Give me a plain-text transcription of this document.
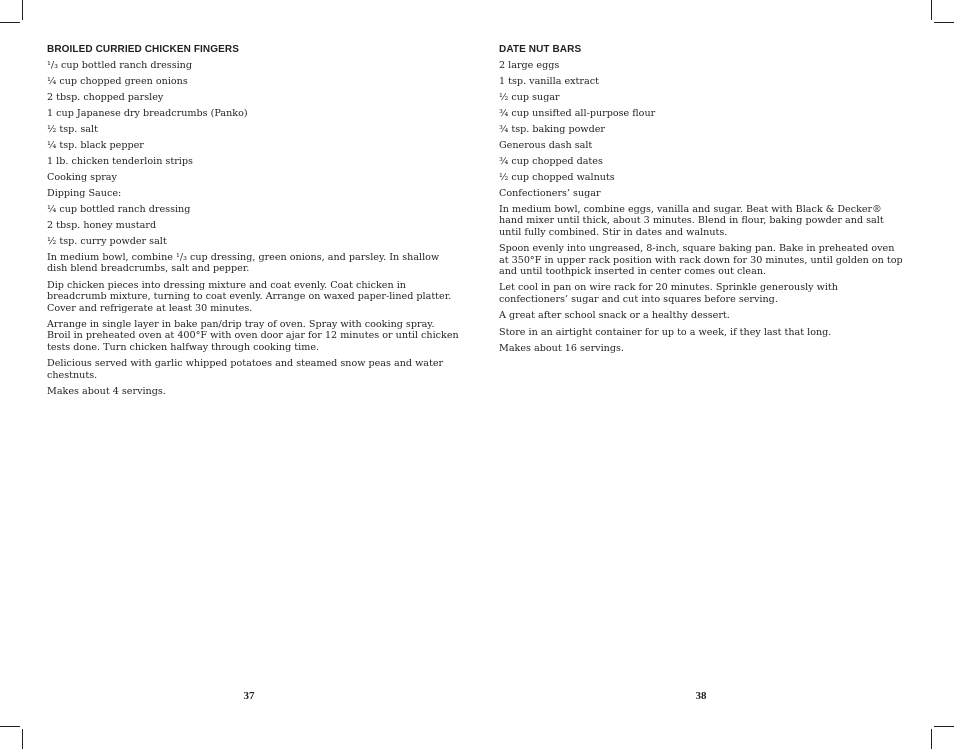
BROILED CURRIED CHICKEN FINGERS

¹/₃ cup bottled ranch dressing

¼ cup chopped green onions

2 tbsp. chopped parsley

1 cup Japanese dry breadcrumbs (Panko)

½ tsp. salt

¼ tsp. black pepper

1 lb. chicken tenderloin strips

Cooking spray

Dipping Sauce:

¼ cup bottled ranch dressing

2 tbsp. honey mustard

½ tsp. curry powder salt

In medium bowl, combine ¹/₃ cup dressing, green onions, and parsley. In shallow dish blend breadcrumbs, salt and pepper.

Dip chicken pieces into dressing mixture and coat evenly. Coat chicken in breadcrumb mixture, turning to coat evenly. Arrange on waxed paper-lined platter. Cover and refrigerate at least 30 minutes.

Arrange in single layer in bake pan/drip tray of oven. Spray with cooking spray. Broil in preheated oven at 400°F with oven door ajar for 12 minutes or until chicken tests done. Turn chicken halfway through cooking time.

Delicious served with garlic whipped potatoes and steamed snow peas and water chestnuts.

Makes about 4 servings.

DATE NUT BARS

2 large eggs

1 tsp. vanilla extract

½ cup sugar

¾ cup unsifted all-purpose flour

¾ tsp. baking powder

Generous dash salt

¾ cup chopped dates

½ cup chopped walnuts

Confectioners’ sugar

In medium bowl, combine eggs, vanilla and sugar. Beat with Black & Decker® hand mixer until thick, about 3 minutes. Blend in flour, baking powder and salt until fully combined. Stir in dates and walnuts.

Spoon evenly into ungreased, 8-inch, square baking pan. Bake in preheated oven at 350°F in upper rack position with rack down for 30 minutes, until golden on top and until toothpick inserted in center comes out clean.

Let cool in pan on wire rack for 20 minutes. Sprinkle generously with confectioners’ sugar and cut into squares before serving.

A great after school snack or a healthy dessert.

Store in an airtight container for up to a week, if they last that long.

Makes about 16 servings.

37	38
